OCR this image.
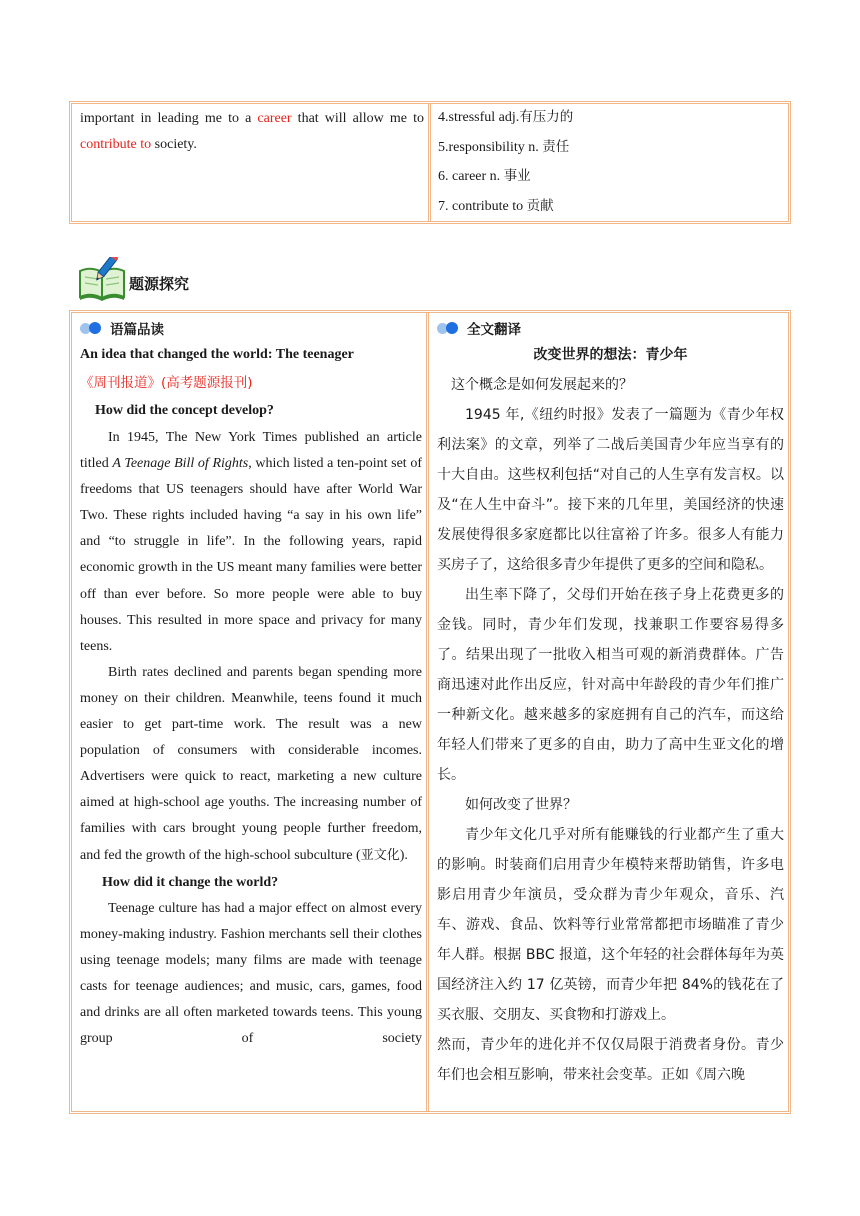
important in leading me to a career that will allow me to contribute to society.
4.stressful adj.有压力的
5.responsibility n. 责任
6. career n. 事业
7. contribute to 贡献
题源探究
语篇品读
An idea that changed the world: The teenager
《周刊报道》(高考题源报刊)
How did the concept develop?

In 1945, The New York Times published an article titled A Teenage Bill of Rights, which listed a ten-point set of freedoms that US teenagers should have after World War Two. These rights included having “a say in his own life” and “to struggle in life”. In the following years, rapid economic growth in the US meant many families were better off than ever before. So more people were able to buy houses. This resulted in more space and privacy for many teens.

Birth rates declined and parents began spending more money on their children. Meanwhile, teens found it much easier to get part-time work. The result was a new population of consumers with considerable incomes. Advertisers were quick to react, marketing a new culture aimed at high-school age youths. The increasing number of families with cars brought young people further freedom, and fed the growth of the high-school subculture (亚文化).

How did it change the world?

Teenage culture has had a major effect on almost every money-making industry. Fashion merchants sell their clothes using teenage models; many films are made with teenage casts for teenage audiences; and music, cars, games, food and drinks are all often marketed towards teens. This young group of society

全文翻译
改变世界的想法：青少年

这个概念是如何发展起来的？

1945 年,《纽约时报》发表了一篇题为《青少年权利法案》的文章，列举了二战后美国青少年应当享有的十大自由。这些权利包括“对自己的人生享有发言权。以及“在人生中奋斗”。接下来的几年里，美国经济的快速发展使得很多家庭都比以往富裕了许多。很多人有能力买房子了，这给很多青少年提供了更多的空间和隐私。

出生率下降了，父母们开始在孩子身上花费更多的金钱。同时，青少年们发现，找兼职工作要容易得多了。结果出现了一批收入相当可观的新消费群体。广告商迅速对此作出反应，针对高中年龄段的青少年们推广一种新文化。越来越多的家庭拥有自己的汽车，而这给年轻人们带来了更多的自由，助力了高中生亚文化的增长。

如何改变了世界？

青少年文化几乎对所有能赚钱的行业都产生了重大的影响。时装商们启用青少年模特来帮助销售，许多电影启用青少年演员，受众群为青少年观众，音乐、汽车、游戏、食品、饮料等行业常常都把市场瞄准了青少年人群。根据 BBC 报道，这个年轻的社会群体每年为英国经济注入约 17 亿英镑，而青少年把 84%的钱花在了买衣服、交朋友、买食物和打游戏上。

然而，青少年的进化并不仅仅局限于消费者身份。青少年们也会相互影响，带来社会变革。正如《周六晚
